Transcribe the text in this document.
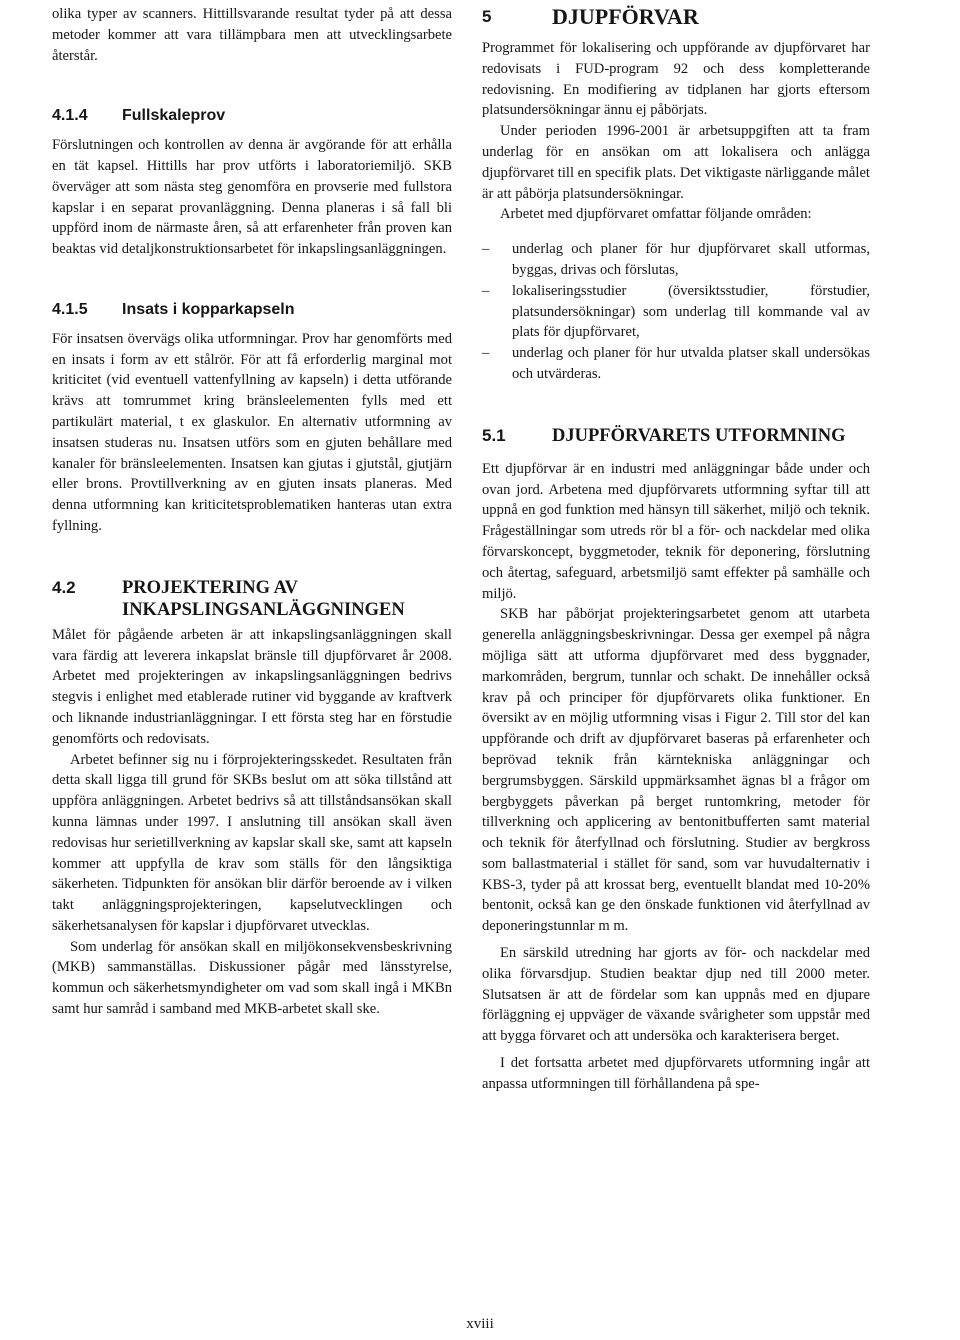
olika typer av scanners. Hittillsvarande resultat tyder på att dessa metoder kommer att vara tillämpbara men att utvecklingsarbete återstår.

4.1.4	Fullskaleprov

Förslutningen och kontrollen av denna är avgörande för att erhålla en tät kapsel. Hittills har prov utförts i laboratoriemiljö. SKB överväger att som nästa steg genomföra en provserie med fullstora kapslar i en separat provanläggning. Denna planeras i så fall bli uppförd inom de närmaste åren, så att erfarenheter från proven kan beaktas vid detaljkonstruktionsarbetet för inkapslingsanläggningen.

4.1.5	Insats i kopparkapseln

För insatsen övervägs olika utformningar. Prov har genomförts med en insats i form av ett stålrör. För att få erforderlig marginal mot kriticitet (vid eventuell vattenfyllning av kapseln) i detta utförande krävs att tomrummet kring bränsleelementen fylls med ett partikulärt material, t ex glaskulor. En alternativ utformning av insatsen studeras nu. Insatsen utförs som en gjuten behållare med kanaler för bränsleelementen. Insatsen kan gjutas i gjutstål, gjutjärn eller brons. Provtillverkning av en gjuten insats planeras. Med denna utformning kan kriticitetsproblematiken hanteras utan extra fyllning.

4.2	PROJEKTERING AV INKAPSLINGSANLÄGGNINGEN

Målet för pågående arbeten är att inkapslingsanläggningen skall vara färdig att leverera inkapslat bränsle till djupförvaret år 2008. Arbetet med projekteringen av inkapslingsanläggningen bedrivs stegvis i enlighet med etablerade rutiner vid byggande av kraftverk och liknande industrianläggningar. I ett första steg har en förstudie genomförts och redovisats.

Arbetet befinner sig nu i förprojekteringsskedet. Resultaten från detta skall ligga till grund för SKBs beslut om att söka tillstånd att uppföra anläggningen. Arbetet bedrivs så att tillståndsansökan skall kunna lämnas under 1997. I anslutning till ansökan skall även redovisas hur serietillverkning av kapslar skall ske, samt att kapseln kommer att uppfylla de krav som ställs för den långsiktiga säkerheten. Tidpunkten för ansökan blir därför beroende av i vilken takt anläggningsprojekteringen, kapselutvecklingen och säkerhetsanalysen för kapslar i djupförvaret utvecklas.

Som underlag för ansökan skall en miljökonsekvensbeskrivning (MKB) sammanställas. Diskussioner pågår med länsstyrelse, kommun och säkerhetsmyndigheter om vad som skall ingå i MKBn samt hur samråd i samband med MKB-arbetet skall ske.

5	DJUPFÖRVAR

Programmet för lokalisering och uppförande av djupförvaret har redovisats i FUD-program 92 och dess kompletterande redovisning. En modifiering av tidplanen har gjorts eftersom platsundersökningar ännu ej påbörjats.

Under perioden 1996-2001 är arbetsuppgiften att ta fram underlag för en ansökan om att lokalisera och anlägga djupförvaret till en specifik plats. Det viktigaste närliggande målet är att påbörja platsundersökningar.

Arbetet med djupförvaret omfattar följande områden:

– underlag och planer för hur djupförvaret skall utformas, byggas, drivas och förslutas,
– lokaliseringsstudier (översiktsstudier, förstudier, platsundersökningar) som underlag till kommande val av plats för djupförvaret,
– underlag och planer för hur utvalda platser skall undersökas och utvärderas.
5.1	DJUPFÖRVARETS UTFORMNING

Ett djupförvar är en industri med anläggningar både under och ovan jord. Arbetena med djupförvarets utformning syftar till att uppnå en god funktion med hänsyn till säkerhet, miljö och teknik. Frågeställningar som utreds rör bl a för- och nackdelar med olika förvarskoncept, byggmetoder, teknik för deponering, förslutning och återtag, safeguard, arbetsmiljö samt effekter på samhälle och miljö.

SKB har påbörjat projekteringsarbetet genom att utarbeta generella anläggningsbeskrivningar. Dessa ger exempel på några möjliga sätt att utforma djupförvaret med dess byggnader, markområden, bergrum, tunnlar och schakt. De innehåller också krav på och principer för djupförvarets olika funktioner. En översikt av en möjlig utformning visas i Figur 2. Till stor del kan uppförande och drift av djupförvaret baseras på erfarenheter och beprövad teknik från kärntekniska anläggningar och bergrumsbyggen. Särskild uppmärksamhet ägnas bl a frågor om bergbyggets påverkan på berget runtomkring, metoder för tillverkning och applicering av bentonitbufferten samt material och teknik för återfyllnad och förslutning. Studier av bergkross som ballastmaterial i stället för sand, som var huvudalternativ i KBS-3, tyder på att krossat berg, eventuellt blandat med 10-20% bentonit, också kan ge den önskade funktionen vid återfyllnad av deponeringstunnlar m m.

En särskild utredning har gjorts av för- och nackdelar med olika förvarsdjup. Studien beaktar djup ned till 2000 meter. Slutsatsen är att de fördelar som kan uppnås med en djupare förläggning ej uppväger de växande svårigheter som uppstår med att bygga förvaret och att undersöka och karakterisera berget.

I det fortsatta arbetet med djupförvarets utformning ingår att anpassa utformningen till förhållandena på spe-

xviii
